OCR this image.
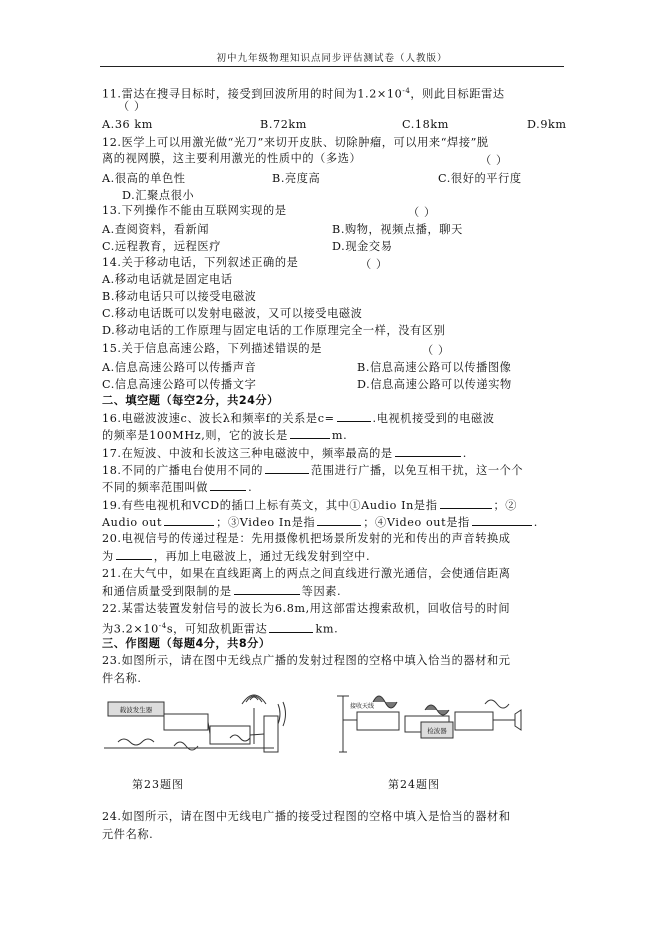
初中九年级物理知识点同步评估测试卷（人教版）
11.雷达在搜寻目标时，接受到回波所用的时间为$1.2\times 10^{-4}$，则此目标距雷达
（ ）
A.36 km	B.72km	C.18km	D.9km
12.医学上可以用激光做“光刀”来切开皮肤、切除肿瘤，可以用来“焊接”脱
离的视网膜，这主要利用激光的性质中的（多选）	（ ）
A.很高的单色性	B.亮度高	C.很好的平行度
D.汇聚点很小
13.下列操作不能由互联网实现的是	（ ）
A.查阅资料，看新闻	B.购物，视频点播，聊天
C.远程教育，远程医疗	D.现金交易
14.关于移动电话，下列叙述正确的是	（ ）
A.移动电话就是固定电话
B.移动电话只可以接受电磁波
C.移动电话既可以发射电磁波，又可以接受电磁波
D.移动电话的工作原理与固定电话的工作原理完全一样，没有区别
15.关于信息高速公路，下列描述错误的是	（ ）
A.信息高速公路可以传播声音	B.信息高速公路可以传播图像
C.信息高速公路可以传播文字	D.信息高速公路可以传递实物
二、填空题（每空2分，共24分）
16.电磁波波速c、波长λ和频率f的关系是c=	.电视机接受到的电磁波
的频率是100MHz,则，它的波长是	m.
17.在短波、中波和长波这三种电磁波中，频率最高的是	.
18.不同的广播电台使用不同的	范围进行广播，以免互相干扰，这一个个
不同的频率范围叫做	.
19.有些电视机和VCD的插口上标有英文，其中①Audio In是指	；②
Audio out	；③Video In是指	；④Video out是指	.
20.电视信号的传递过程是：先用摄像机把场景所发射的光和传出的声音转换成
为	，再加上电磁波上，通过无线发射到空中.
21.在大气中，如果在直线距离上的两点之间直线进行激光通信，会使通信距离
和通信质量受到限制的是	等因素.
22.某雷达装置发射信号的波长为6.8m,用这部雷达搜索敌机，回收信号的时间
为$3.2\times 10^{-4}s$，可知敌机距雷达	km.
三、作图题（每题4分，共8分）
23.如图所示，请在图中无线点广播的发射过程图的空格中填入恰当的器材和元
件名称.
载波发生器
第23题图
接收天线
检波器
第24题图
24.如图所示，请在图中无线电广播的接受过程图的空格中填入是恰当的器材和
元件名称.
